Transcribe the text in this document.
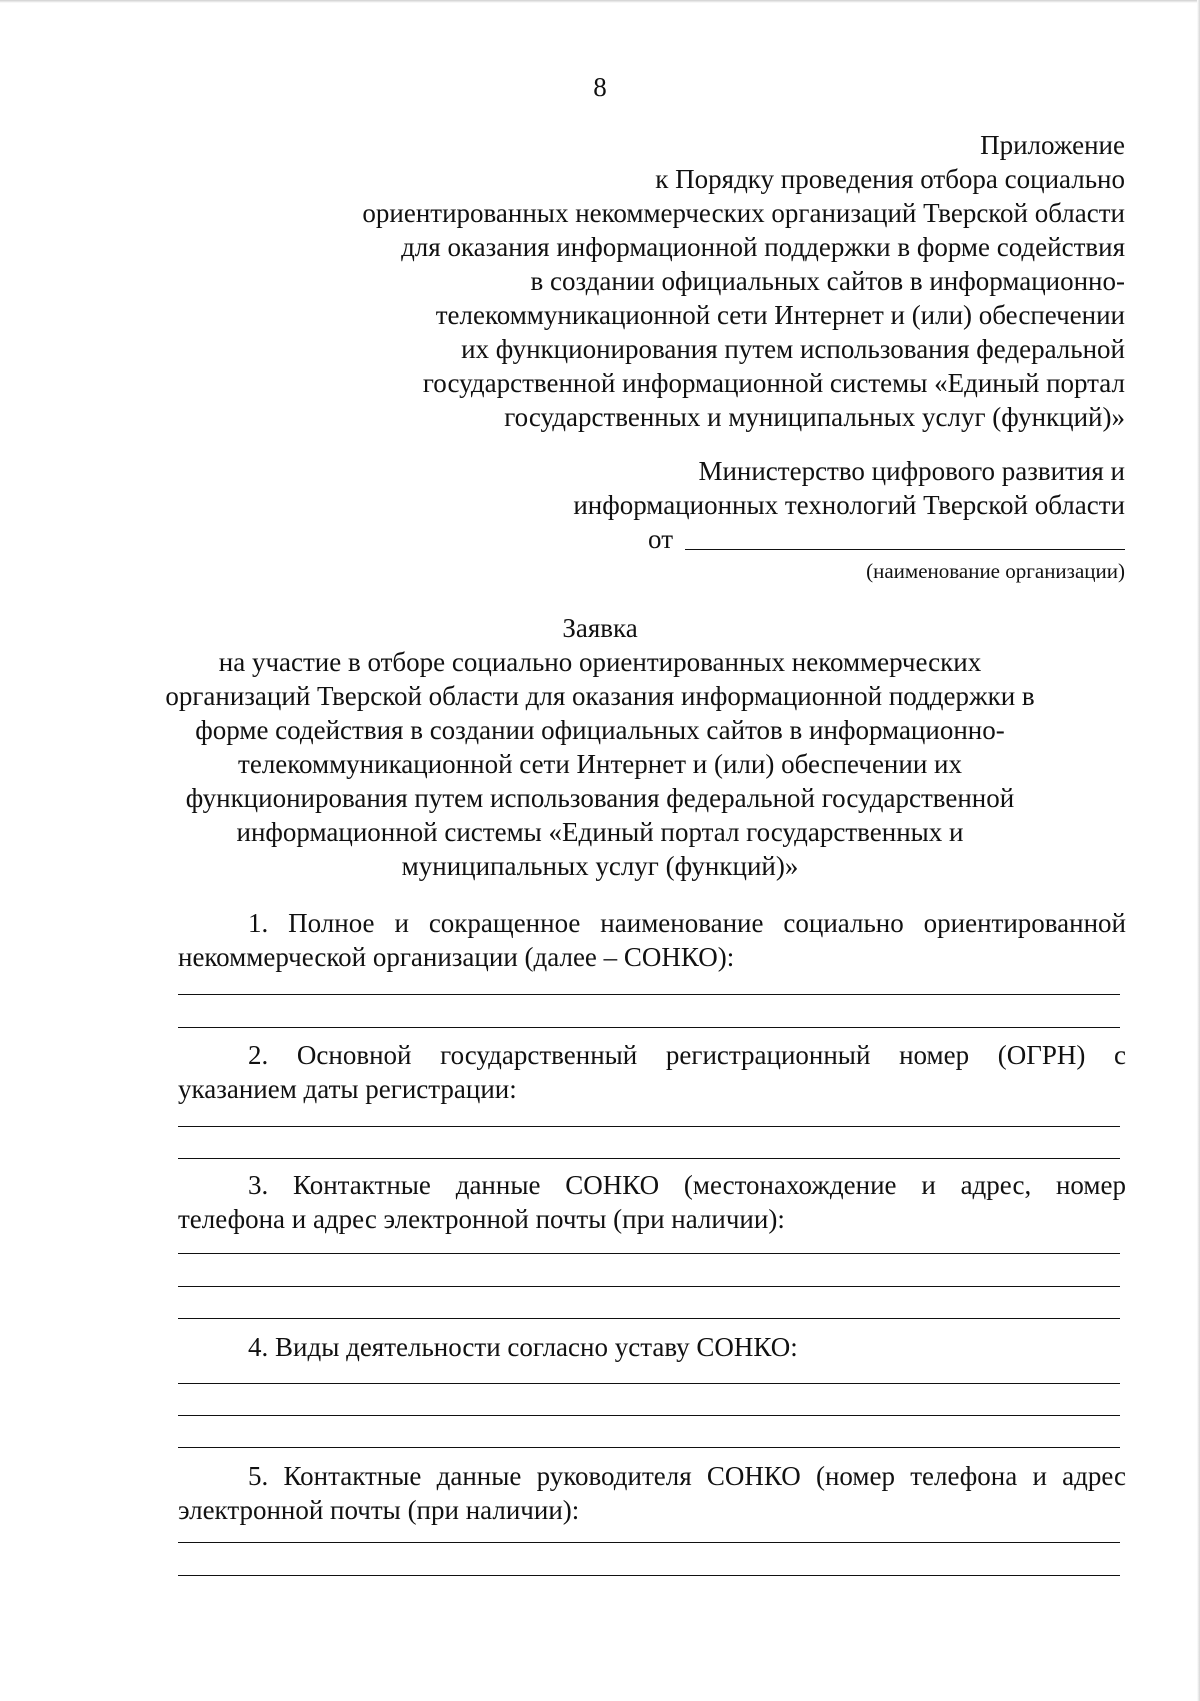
8
Приложение
к Порядку проведения отбора социально
ориентированных некоммерческих организаций Тверской области
для оказания информационной поддержки в форме содействия
в создании официальных сайтов в информационно-
телекоммуникационной сети Интернет и (или) обеспечении
их функционирования путем использования федеральной
государственной информационной системы «Единый портал
государственных и муниципальных услуг (функций)»
Министерство цифрового развития и
информационных технологий Тверской области
от
(наименование организации)
Заявка
на участие в отборе социально ориентированных некоммерческих
организаций Тверской области для оказания информационной поддержки в
форме содействия в создании официальных сайтов в информационно-
телекоммуникационной сети Интернет и (или) обеспечении их
функционирования путем использования федеральной государственной
информационной системы «Единый портал государственных и
муниципальных услуг (функций)»
1. Полное и сокращенное наименование социально ориентированной
некоммерческой организации (далее – СОНКО):
2. Основной государственный регистрационный номер (ОГРН) с
указанием даты регистрации:
3. Контактные данные СОНКО (местонахождение и адрес, номер
телефона и адрес электронной почты (при наличии):
4. Виды деятельности согласно уставу СОНКО:
5. Контактные данные руководителя СОНКО (номер телефона и адрес
электронной почты (при наличии):
